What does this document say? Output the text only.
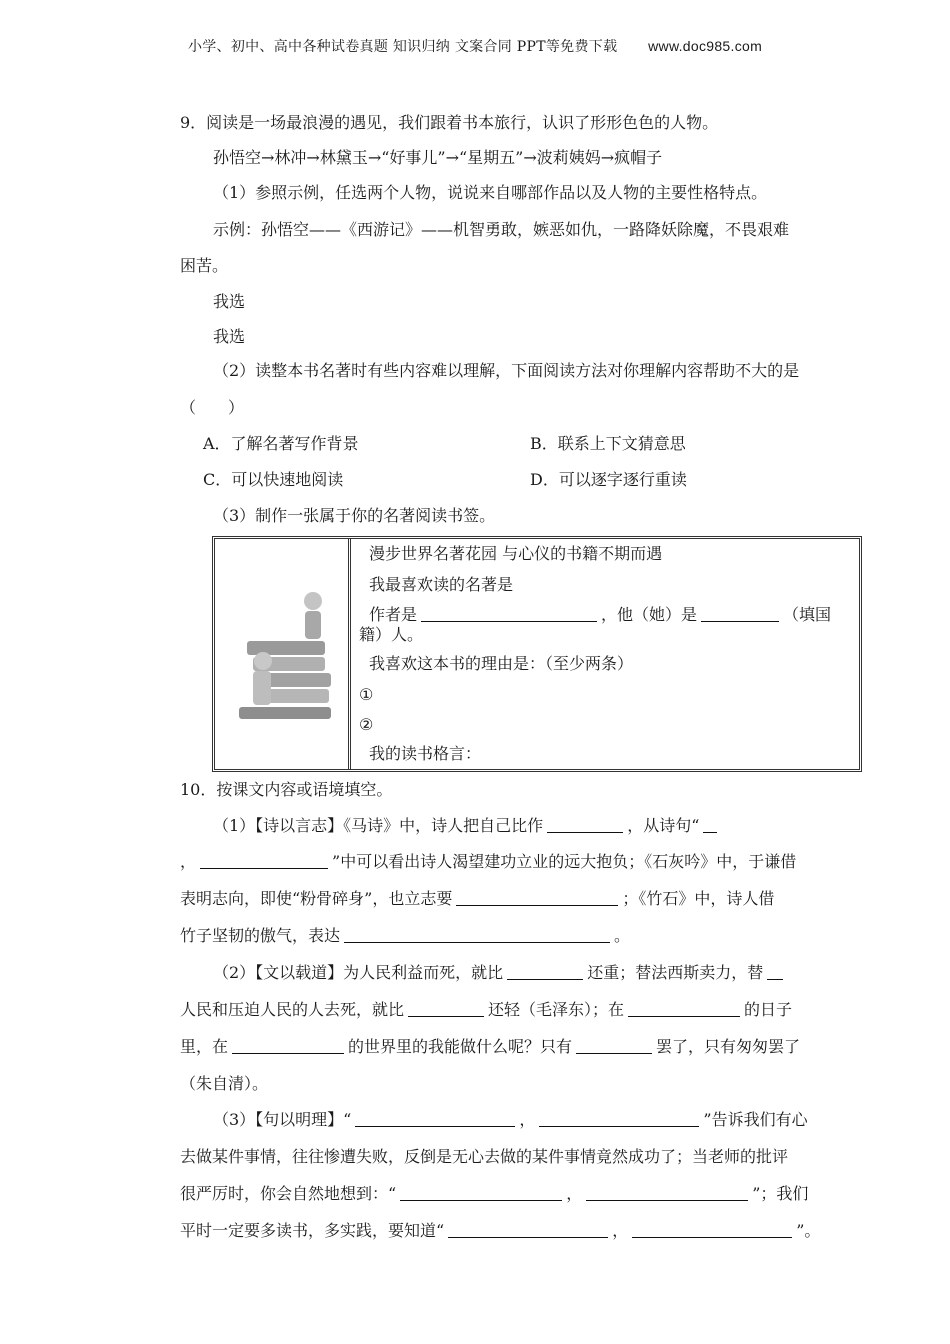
小学、初中、高中各种试卷真题 知识归纳 文案合同 PPT等免费下载 www.doc985.com
9．阅读是一场最浪漫的遇见，我们跟着书本旅行，认识了形形色色的人物。
孙悟空→林冲→林黛玉→“好事儿”→“星期五”→波莉姨妈→疯帽子
（1）参照示例，任选两个人物，说说来自哪部作品以及人物的主要性格特点。
示例：孙悟空——《西游记》——机智勇敢，嫉恶如仇，一路降妖除魔，不畏艰难
困苦。
我选
我选
（2）读整本书名著时有些内容难以理解，下面阅读方法对你理解内容帮助不大的是
（　　）
A．了解名著写作背景	B．联系上下文猜意思
C．可以快速地阅读	D．可以逐字逐行重读
（3）制作一张属于你的名著阅读书签。
漫步世界名著花园 与心仪的书籍不期而遇
我最喜欢读的名著是
作者是	，他（她）是	（填国
籍）人。
我喜欢这本书的理由是：（至少两条）
①
②
我的读书格言：
10．按课文内容或语境填空。
（1）【诗以言志】《马诗》中，诗人把自己比作	，从诗句“
，	”中可以看出诗人渴望建功立业的远大抱负；《石灰吟》中，于谦借
表明志向，即使“粉骨碎身”，也立志要	；《竹石》中，诗人借
竹子坚韧的傲气，表达	。
（2）【文以载道】为人民利益而死，就比	还重；替法西斯卖力，替
人民和压迫人民的人去死，就比	还轻（毛泽东）；在	的日子
里，在	的世界里的我能做什么呢？只有	罢了，只有匆匆罢了
（朱自清）。
（3）【句以明理】“	，	”告诉我们有心
去做某件事情，往往惨遭失败，反倒是无心去做的某件事情竟然成功了；当老师的批评
很严厉时，你会自然地想到：“	，	”；我们
平时一定要多读书，多实践，要知道“	，	”。
